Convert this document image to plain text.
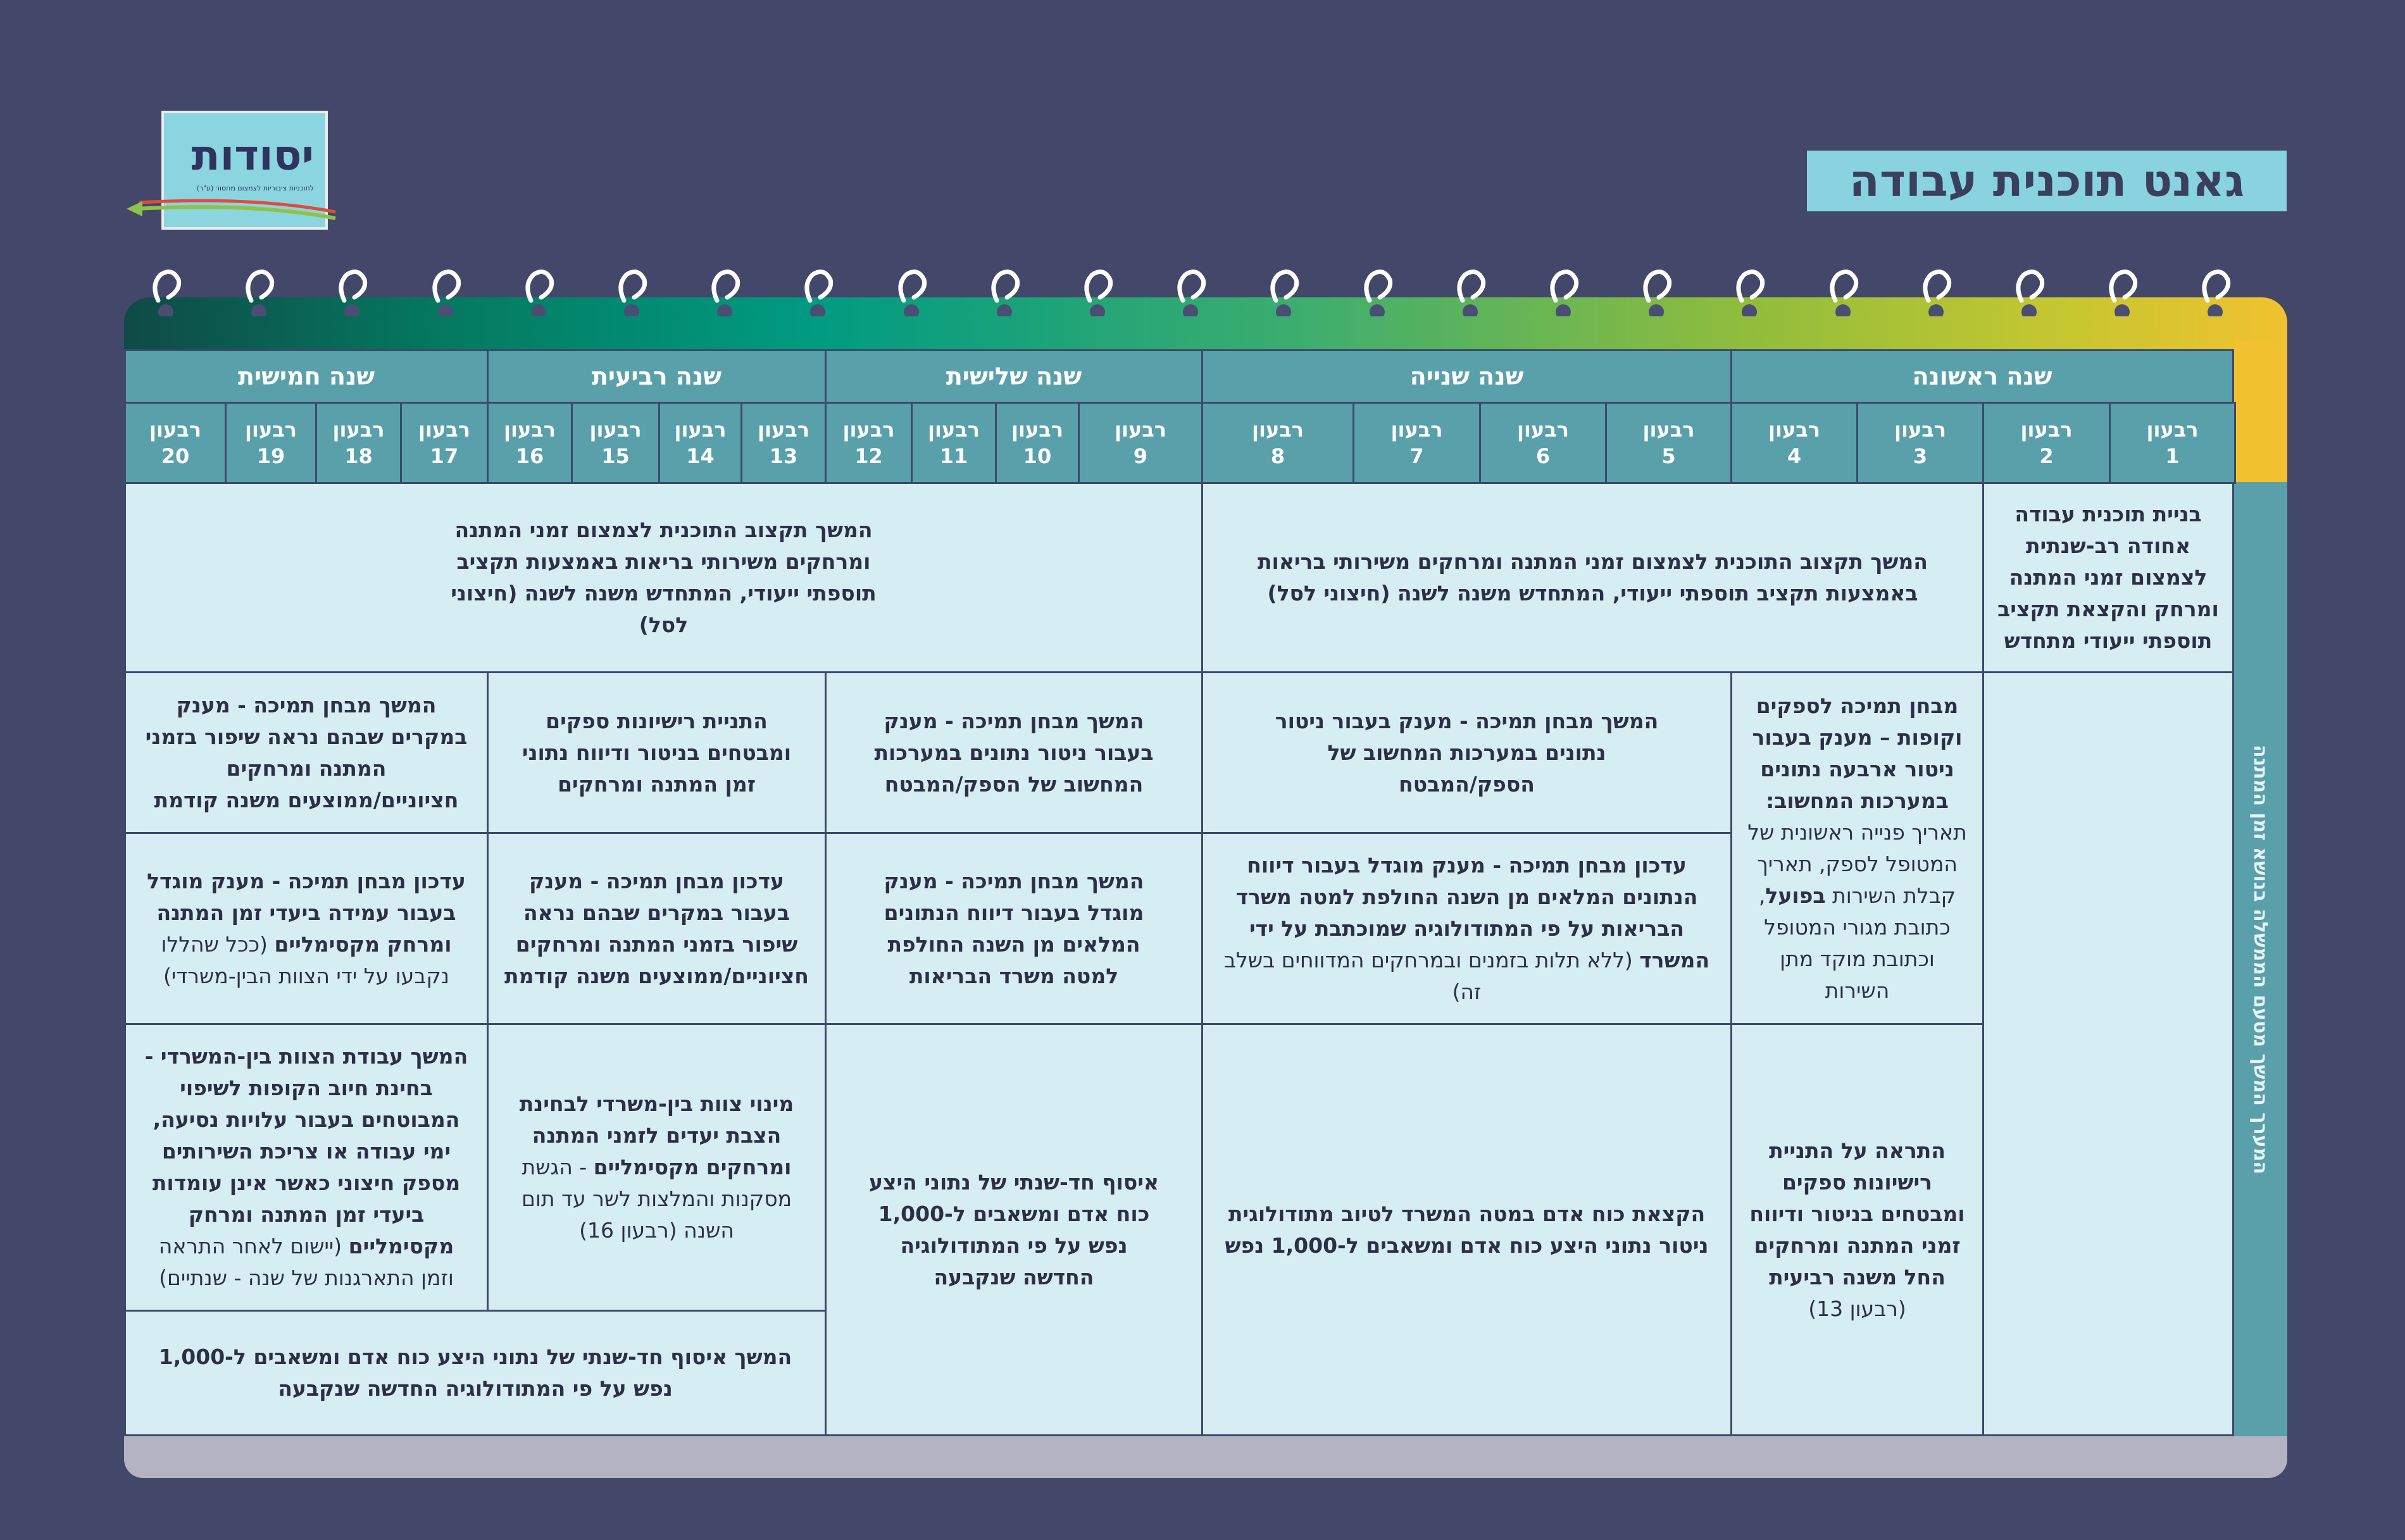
גאנט תוכנית עבודה
יסודות
לתוכניות ציבוריות לצמצום מחסור (ע"ר)
המערך המשך מטעם הממשלה בנושא זמן המתנה
שנה ראשונה
שנה שנייה
שנה שלישית
שנה רביעית
שנה חמישית
רבעון
1
רבעון
2
רבעון
3
רבעון
4
רבעון
5
רבעון
6
רבעון
7
רבעון
8
רבעון
9
רבעון
10
רבעון
11
רבעון
12
רבעון
13
רבעון
14
רבעון
15
רבעון
16
רבעון
17
רבעון
18
רבעון
19
רבעון
20
בניית תוכנית עבודה אחודה רב-שנתית לצמצום זמני המתנה ומרחק והקצאת תקציב תוספתי ייעודי מתחדש
המשך תקצוב התוכנית לצמצום זמני המתנה ומרחקים משירותי בריאות באמצעות תקציב תוספתי ייעודי, המתחדש משנה לשנה (חיצוני לסל)
המשך תקצוב התוכנית לצמצום זמני המתנה ומרחקים משירותי בריאות באמצעות תקציב תוספתי ייעודי, המתחדש משנה לשנה (חיצוני לסל)
מבחן תמיכה לספקים וקופות – מענק בעבור ניטור ארבעה נתונים במערכות המחשוב: תאריך פנייה ראשונית של המטופל לספק, תאריך קבלת השירות בפועל, כתובת מגורי המטופל וכתובת מוקד מתן השירות
התראה על התניית רישיונות ספקים ומבטחים בניטור ודיווח זמני המתנה ומרחקים החל משנה רביעית
(רבעון 13)
המשך מבחן תמיכה - מענק בעבור ניטור נתונים במערכות המחשוב של הספק/המבטח
עדכון מבחן תמיכה - מענק מוגדל בעבור דיווח הנתונים המלאים מן השנה החולפת למטה משרד הבריאות על פי המתודולוגיה שמוכתבת על ידי המשרד (ללא תלות בזמנים ובמרחקים המדווחים בשלב זה)
הקצאת כוח אדם במטה המשרד לטיוב מתודולוגית ניטור נתוני היצע כוח אדם ומשאבים ל-1,000 נפש
המשך מבחן תמיכה - מענק בעבור ניטור נתונים במערכות המחשוב של הספק/המבטח
המשך מבחן תמיכה - מענק מוגדל בעבור דיווח הנתונים המלאים מן השנה החולפת למטה משרד הבריאות
איסוף חד-שנתי של נתוני היצע כוח אדם ומשאבים ל-1,000 נפש על פי המתודולוגיה החדשה שנקבעה
התניית רישיונות ספקים ומבטחים בניטור ודיווח נתוני זמן המתנה ומרחקים
עדכון מבחן תמיכה - מענק בעבור במקרים שבהם נראה שיפור בזמני המתנה ומרחקים חציוניים/ממוצעים משנה קודמת
מינוי צוות בין-משרדי לבחינת הצבת יעדים לזמני המתנה ומרחקים מקסימליים - הגשת מסקנות והמלצות לשר עד תום השנה (רבעון 16)
המשך מבחן תמיכה - מענק במקרים שבהם נראה שיפור בזמני המתנה ומרחקים חציוניים/ממוצעים משנה קודמת
עדכון מבחן תמיכה - מענק מוגדל בעבור עמידה ביעדי זמן המתנה ומרחק מקסימליים (ככל שהללו נקבעו על ידי הצוות הבין-משרדי)
המשך עבודת הצוות בין-המשרדי - בחינת חיוב הקופות לשיפוי המבוטחים בעבור עלויות נסיעה, ימי עבודה או צריכת השירותים מספק חיצוני כאשר אינן עומדות ביעדי זמן המתנה ומרחק מקסימליים (יישום לאחר התראה וזמן התארגנות של שנה - שנתיים)
המשך איסוף חד-שנתי של נתוני היצע כוח אדם ומשאבים ל-1,000 נפש על פי המתודולוגיה החדשה שנקבעה
